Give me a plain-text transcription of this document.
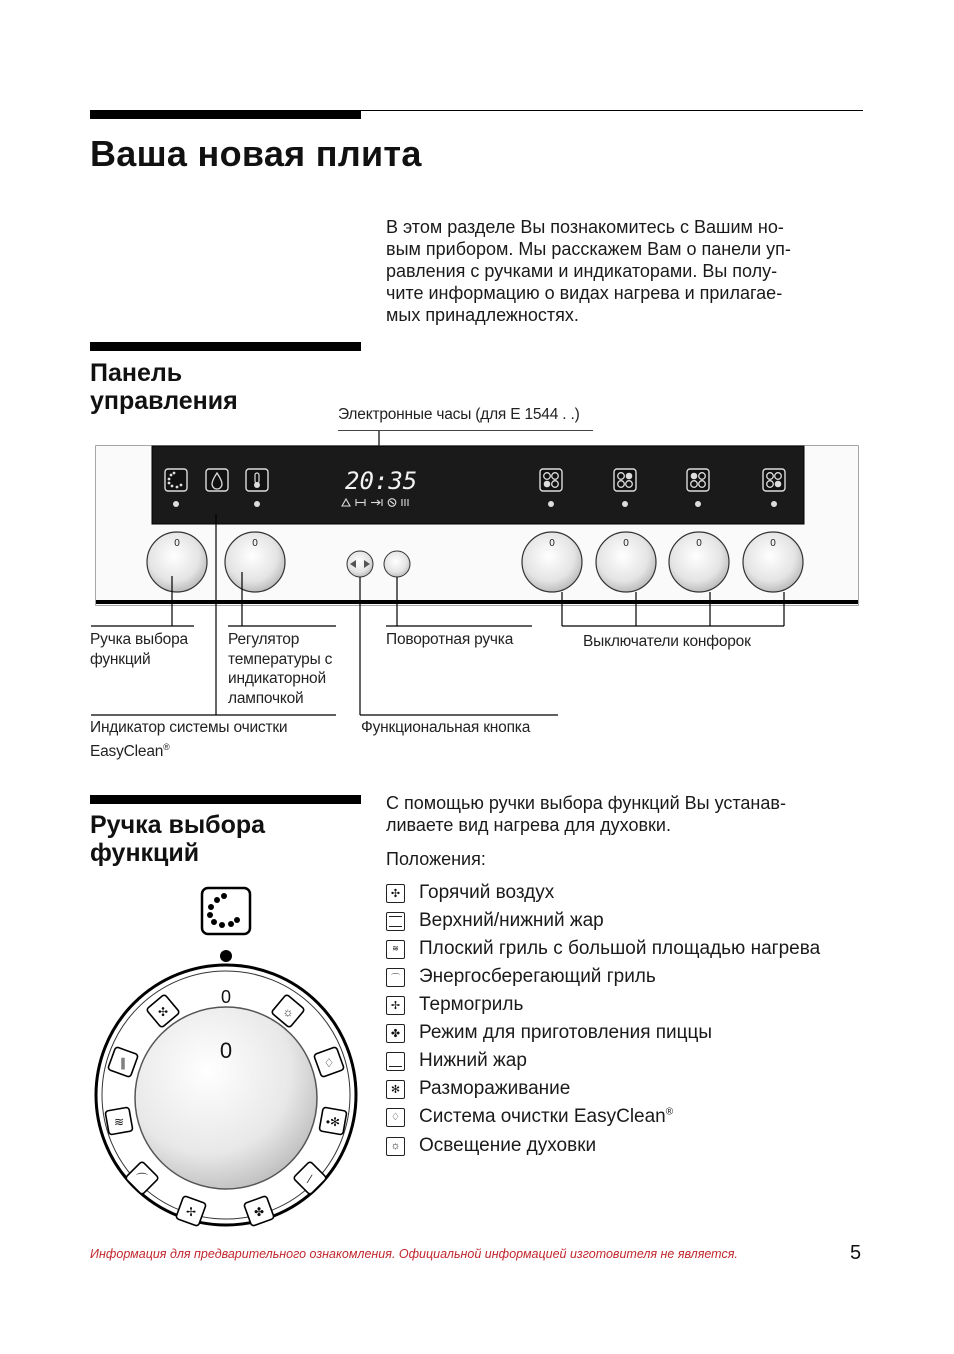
Ваша новая плита
В этом разделе Вы познакомитесь с Вашим но-
вым прибором. Мы расскажем Вам о панели уп-
равления с ручками и индикаторами. Вы полу-
чите информацию о видах нагрева и прилагае-
мых принадлежностях.
Панель
управления	Электронные часы (для E 1544 . .)
20:35
0	0	0	0	0	0
Ручка выбора
функций
Регулятор
температуры с
индикаторной
лампочкой
Поворотная ручка	Выключатели конфорок
Индикатор системы очистки
EasyClean®
Функциональная кнопка
Ручка выбора
функций
С помощью ручки выбора функций Вы устанав-
ливаете вид нагрева для духовки.
Положения:
✣ Горячий воздух
Верхний/нижний жар
≋	Плоский гриль с большой площадью нагрева
⌒ Энергосберегающий гриль
✢ Термогриль
✤ Режим для приготовления пиццы
Нижний жар
✻ Размораживание
♢ Система очистки EasyClean®
☼ Освещение духовки
0
✣	☼
∥	♢
≋	•✻
⌒	∕
✢	✤
0
Информация для предварительного ознакомления. Официальной информацией изготовителя не является.	5
